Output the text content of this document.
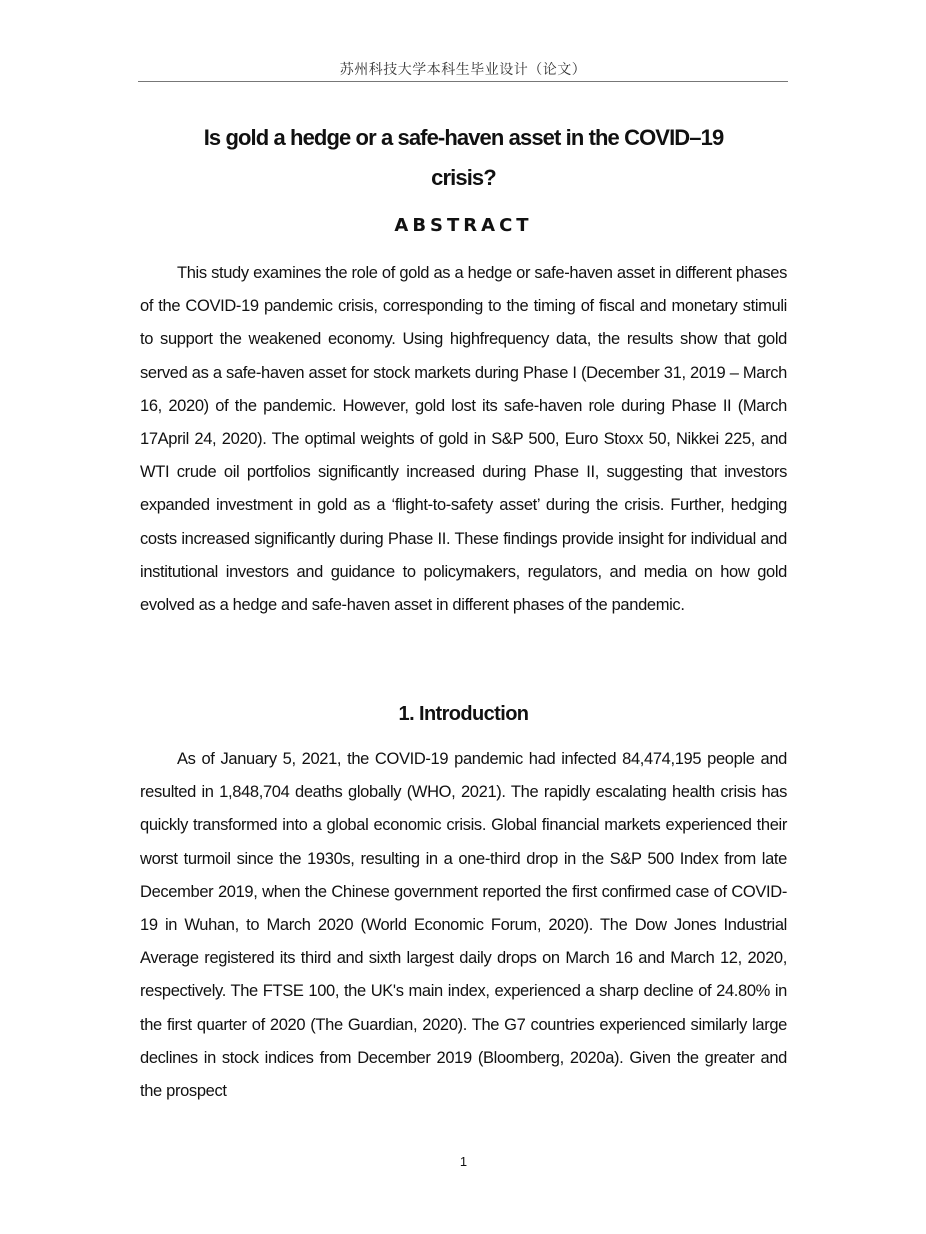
苏州科技大学本科生毕业设计（论文）
Is gold a hedge or a safe-haven asset in the COVID–19
crisis?
ABSTRACT

This study examines the role of gold as a hedge or safe-haven asset in different phases of the COVID-19 pandemic crisis, corresponding to the timing of fiscal and monetary stimuli to support the weakened economy. Using highfrequency data, the results show that gold served as a safe-haven asset for stock markets during Phase I (December 31, 2019 – March 16, 2020) of the pandemic. However, gold lost its safe-haven role during Phase II (March 17April 24, 2020). The optimal weights of gold in S&P 500, Euro Stoxx 50, Nikkei 225, and WTI crude oil portfolios significantly increased during Phase II, suggesting that investors expanded investment in gold as a ‘flight-to-safety asset’ during the crisis. Further, hedging costs increased significantly during Phase II. These findings provide insight for individual and institutional investors and guidance to policymakers, regulators, and media on how gold evolved as a hedge and safe-haven asset in different phases of the pandemic.

1. Introduction

As of January 5, 2021, the COVID-19 pandemic had infected 84,474,195 people and resulted in 1,848,704 deaths globally (WHO, 2021). The rapidly escalating health crisis has quickly transformed into a global economic crisis. Global financial markets experienced their worst turmoil since the 1930s, resulting in a one-third drop in the S&P 500 Index from late December 2019, when the Chinese government reported the first confirmed case of COVID-19 in Wuhan, to March 2020 (World Economic Forum, 2020). The Dow Jones Industrial Average registered its third and sixth largest daily drops on March 16 and March 12, 2020, respectively. The FTSE 100, the UK's main index, experienced a sharp decline of 24.80% in the first quarter of 2020 (The Guardian, 2020). The G7 countries experienced similarly large declines in stock indices from December 2019 (Bloomberg, 2020a). Given the greater and the prospect

1
